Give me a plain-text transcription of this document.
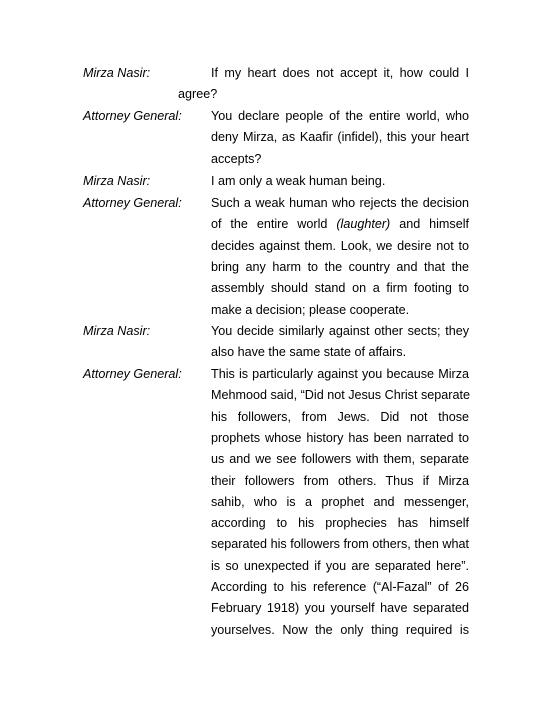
Mirza Nasir:	If my heart does not accept it, how could I
agree?
Attorney General: You declare people of the entire world, who
deny Mirza, as Kaafir (infidel), this your heart
accepts?
Mirza Nasir:	I am only a weak human being.
Attorney General: Such a weak human who rejects the decision
of the entire world (laughter) and himself
decides against them. Look, we desire not to
bring any harm to the country and that the
assembly should stand on a firm footing to
make a decision; please cooperate.
Mirza Nasir:	You decide similarly against other sects; they
also have the same state of affairs.
Attorney General: This is particularly against you because Mirza
Mehmood said, “Did not Jesus Christ separate
his followers, from Jews. Did not those
prophets whose history has been narrated to
us and we see followers with them, separate
their followers from others. Thus if Mirza
sahib, who is a prophet and messenger,
according to his prophecies has himself
separated his followers from others, then what
is so unexpected if you are separated here”.
According to his reference (“Al-Fazal” of 26
February 1918) you yourself have separated
yourselves. Now the only thing required is
